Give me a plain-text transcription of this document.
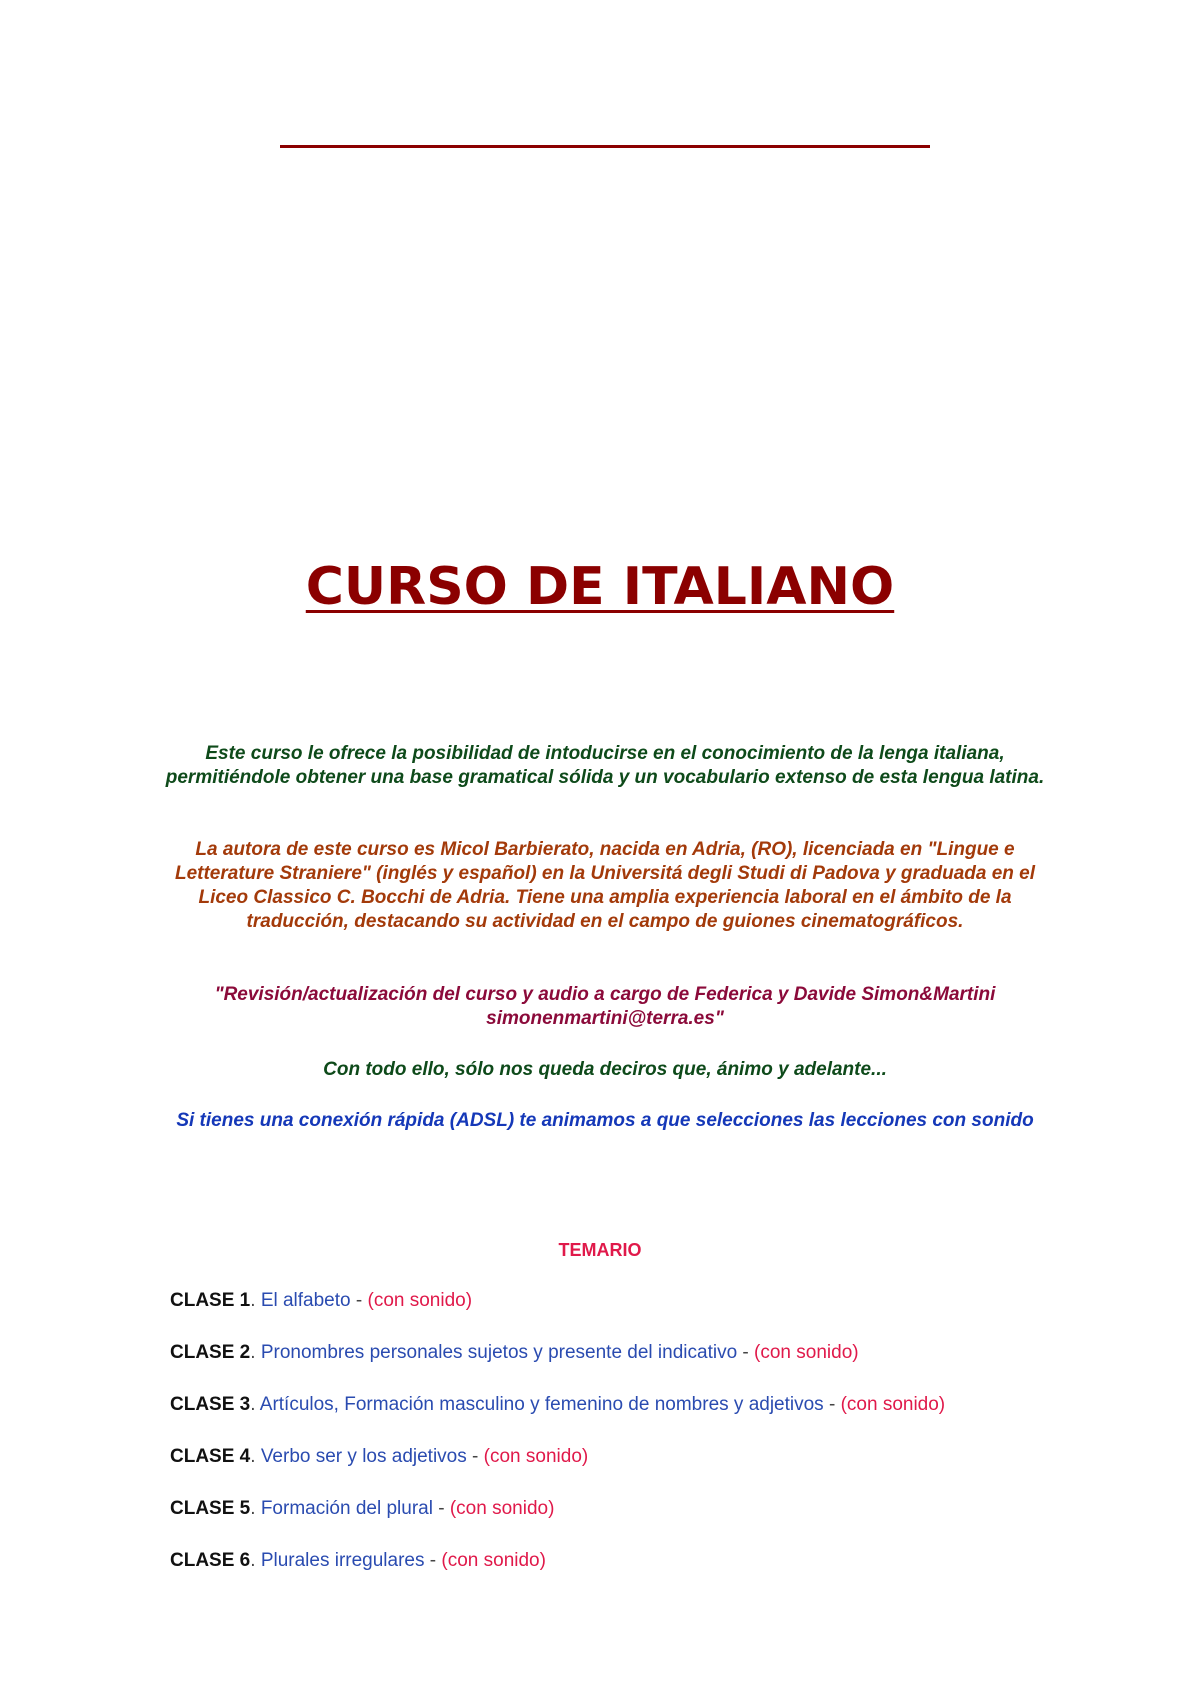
CURSO DE ITALIANO

Este curso le ofrece la posibilidad de intoducirse en el conocimiento de la lenga italiana, permitiéndole obtener una base gramatical sólida y un vocabulario extenso de esta lengua latina.

La autora de este curso es Micol Barbierato, nacida en Adria, (RO), licenciada en "Lingue e Letterature Straniere" (inglés y español) en la Universitá degli Studi di Padova y graduada en el Liceo Classico C. Bocchi de Adria. Tiene una amplia experiencia laboral en el ámbito de la traducción, destacando su actividad en el campo de guiones cinematográficos.

"Revisión/actualización del curso y audio a cargo de Federica y Davide Simon&Martini simonenmartini@terra.es"

Con todo ello, sólo nos queda deciros que, ánimo y adelante...

Si tienes una conexión rápida (ADSL) te animamos a que selecciones las lecciones con sonido

TEMARIO
CLASE 1. El alfabeto - (con sonido)
CLASE 2. Pronombres personales sujetos y presente del indicativo - (con sonido)
CLASE 3. Artículos, Formación masculino y femenino de nombres y adjetivos - (con sonido)
CLASE 4. Verbo ser y los adjetivos - (con sonido)
CLASE 5. Formación del plural - (con sonido)
CLASE 6. Plurales irregulares - (con sonido)
